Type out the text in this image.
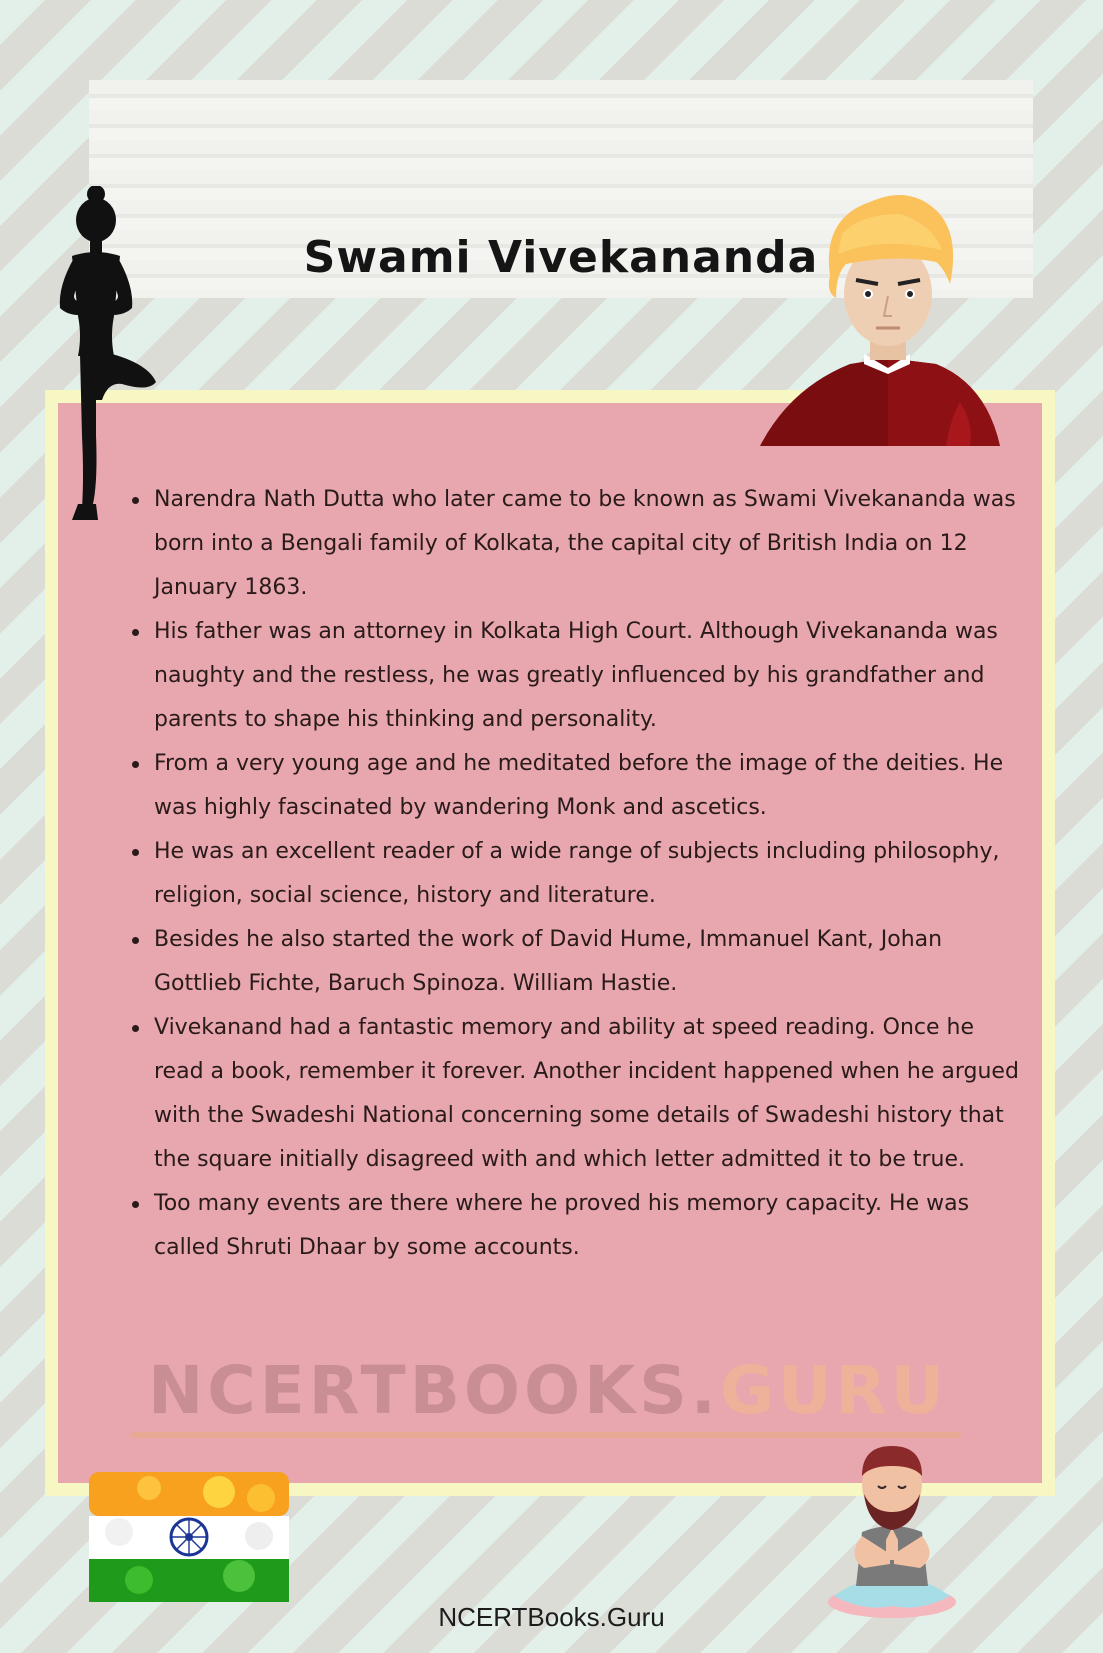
Swami Vivekananda
Narendra Nath Dutta who later came to be known as Swami Vivekananda was born into a Bengali family of Kolkata, the capital city of British India on 12 January 1863.
His father was an attorney in Kolkata High Court. Although Vivekananda was naughty and the restless, he was greatly influenced by his grandfather and parents to shape his thinking and personality.
From a very young age and he meditated before the image of the deities. He was highly fascinated by wandering Monk and ascetics.
He was an excellent reader of a wide range of subjects including philosophy, religion, social science, history and literature.
Besides he also started the work of David Hume, Immanuel Kant, Johan Gottlieb Fichte, Baruch Spinoza. William Hastie.
Vivekanand had a fantastic memory and ability at speed reading. Once he read a book, remember it forever. Another incident happened when he argued with the Swadeshi National concerning some details of Swadeshi history that the square initially disagreed with and which letter admitted it to be true.
Too many events are there where he proved his memory capacity. He was called Shruti Dhaar by some accounts.
NCERTBOOKS.GURU
NCERTBooks.Guru
